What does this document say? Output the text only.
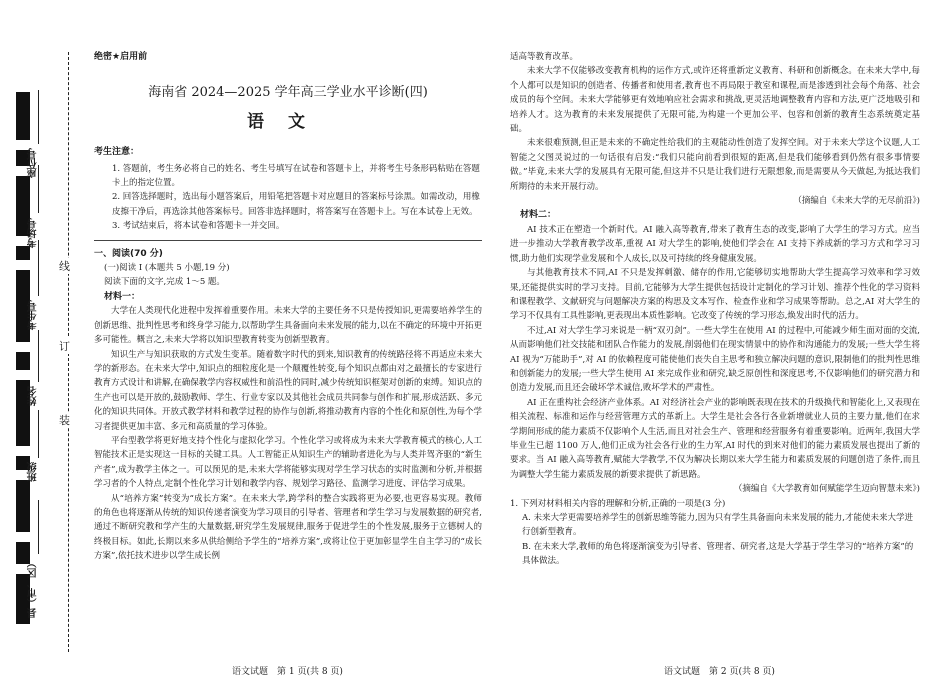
座位号
考场号
考生号
姓名
班级
县（市、区）
线
订
装
绝密★启用前
海南省 2024—2025 学年高三学业水平诊断(四)
语文
考生注意：
1. 答题前，考生务必将自己的姓名、考生号填写在试卷和答题卡上，并将考生号条形码粘贴在答题卡上的指定位置。
2. 回答选择题时，选出每小题答案后，用铅笔把答题卡对应题目的答案标号涂黑。如需改动，用橡皮擦干净后，再选涂其他答案标号。回答非选择题时，将答案写在答题卡上。写在本试卷上无效。
3. 考试结束后，将本试卷和答题卡一并交回。
一、阅读(70 分)
(一)阅读 I (本题共 5 小题,19 分)
阅读下面的文字,完成 1～5 题。
材料一：
大学在人类现代化进程中发挥着重要作用。未来大学的主要任务不只是传授知识,更需要培养学生的创新思维、批判性思考和终身学习能力,以帮助学生具备面向未来发展的能力,以在不确定的环境中开拓更多可能性。概言之,未来大学将以知识型教育转变为创新型教育。
知识生产与知识获取的方式发生变革。随着数字时代的到来,知识教育的传统路径将不再适应未来大学的新形态。在未来大学中,知识点的细粒度化是一个颠覆性转变,每个知识点都由对之最擅长的专家进行教育方式设计和讲解,在确保教学内容权威性和前沿性的同时,减少传统知识框架对创新的束缚。知识点的生产也可以是开放的,鼓励教师、学生、行业专家以及其他社会成员共同参与创作和扩展,形成活跃、多元化的知识共同体。开放式教学材料和教学过程的协作与创新,将推动教育内容的个性化和原创性,为每个学习者提供更加丰富、多元和高质量的学习体验。
平台型教学将更好地支持个性化与虚拟化学习。个性化学习或将成为未来大学教育模式的核心,人工智能技术正是实现这一目标的关键工具。人工智能正从知识生产的辅助者进化为与人类并驾齐驱的“新生产者”,成为教学主体之一。可以预见的是,未来大学将能够实现对学生学习状态的实时监测和分析,并根据学习者的个人特点,定制个性化学习计划和教学内容、规划学习路径、监测学习进度、评估学习成果。
从“培养方案”转变为“成长方案”。在未来大学,跨学科的整合实践将更为必要,也更容易实现。教师的角色也将逐渐从传统的知识传递者演变为学习项目的引导者、管理者和学生学习与发展数据的研究者,通过不断研究教和学产生的大量数据,研究学生发展规律,服务于促进学生的个性发展,服务于立德树人的终极目标。如此,长期以来多从供给侧给予学生的“培养方案”,或将让位于更加彰显学生自主学习的“成长方案”,依托技术进步以学生成长例
适高等教育改革。
未来大学不仅能够改变教育机构的运作方式,或许还将重新定义教育、科研和创新概念。在未来大学中,每个人都可以是知识的创造者、传播者和使用者,教育也不再局限于教室和课程,而是渗透到社会每个角落、社会成员的每个空间。未来大学能够更有效地响应社会需求和挑战,更灵活地调整教育内容和方法,更广泛地吸引和培养人才。这为教育的未来发展提供了无限可能,为构建一个更加公平、包容和创新的教育生态系统奠定基础。
未来很难预测,但正是未来的不确定性给我们的主观能动性创造了发挥空间。对于未来大学这个议题,人工智能之父图灵说过的一句话很有启发:“我们只能向前看到很短的距离,但是我们能够看到仍然有很多事情要做。”毕竟,未来大学的发展具有无限可能,但这并不只是让我们进行无限想象,而是需要从今天做起,为抵达我们所期待的未来开展行动。
（摘编自《未来大学的无尽前沿》)
材料二：
AI 技术正在塑造一个新时代。AI 融入高等教育,带来了教育生态的改变,影响了大学生的学习方式。应当进一步推动大学教育教学改革,重视 AI 对大学生的影响,使他们学会在 AI 支持下养成新的学习方式和学习习惯,助力他们实现学业发展和个人成长,以及可持续的终身健康发展。
与其他教育技术不同,AI 不只是发挥刺激、储存的作用,它能够切实地帮助大学生提高学习效率和学习效果,还能提供实时的学习支持。目前,它能够为大学生提供包括设计定制化的学习计划、推荐个性化的学习资料和课程教学、文献研究与问题解决方案的构思及文本写作、检查作业和学习成果等帮助。总之,AI 对大学生的学习不仅具有工具性影响,更表现出本质性影响。它改变了传统的学习形态,焕发出时代的活力。
不过,AI 对大学生学习来说是一柄“双刃剑”。一些大学生在使用 AI 的过程中,可能减少师生面对面的交流,从而影响他们社交技能和团队合作能力的发展,削弱他们在现实情景中的协作和沟通能力的发展;一些大学生将 AI 视为“万能助手”,对 AI 的依赖程度可能使他们丧失自主思考和独立解决问题的意识,限制他们的批判性思维和创新能力的发展;一些大学生使用 AI 来完成作业和研究,缺乏原创性和深度思考,不仅影响他们的研究潜力和创造力发展,而且还会破坏学术诚信,败坏学术的严肃性。
AI 正在重构社会经济产业体系。AI 对经济社会产业的影响既表现在技术的升级换代和智能化上,又表现在相关流程、标准和运作与经营管理方式的革新上。大学生是社会各行各业新增就业人员的主要力量,他们在求学期间形成的能力素质不仅影响个人生活,而且对社会生产、管理和经营服务有着重要影响。近两年,我国大学毕业生已超 1100 万人,他们正成为社会各行业的生力军,AI 时代的到来对他们的能力素质发展也提出了新的要求。当 AI 融入高等教育,赋能大学教学,不仅为解决长期以来大学生能力和素质发展的问题创造了条件,而且为调整大学生能力素质发展的新要求提供了新思路。
（摘编自《大学教育如何赋能学生迈向智慧未来》)
1. 下列对材料相关内容的理解和分析,正确的一项是(3 分)
A. 未来大学更需要培养学生的创新思维等能力,因为只有学生具备面向未来发展的能力,才能使未来大学进行创新型教育。
B. 在未来大学,教师的角色将逐渐演变为引导者、管理者、研究者,这是大学基于学生学习的“培养方案”的具体做法。
语文试题　第 1 页(共 8 页)	语文试题　第 2 页(共 8 页)
